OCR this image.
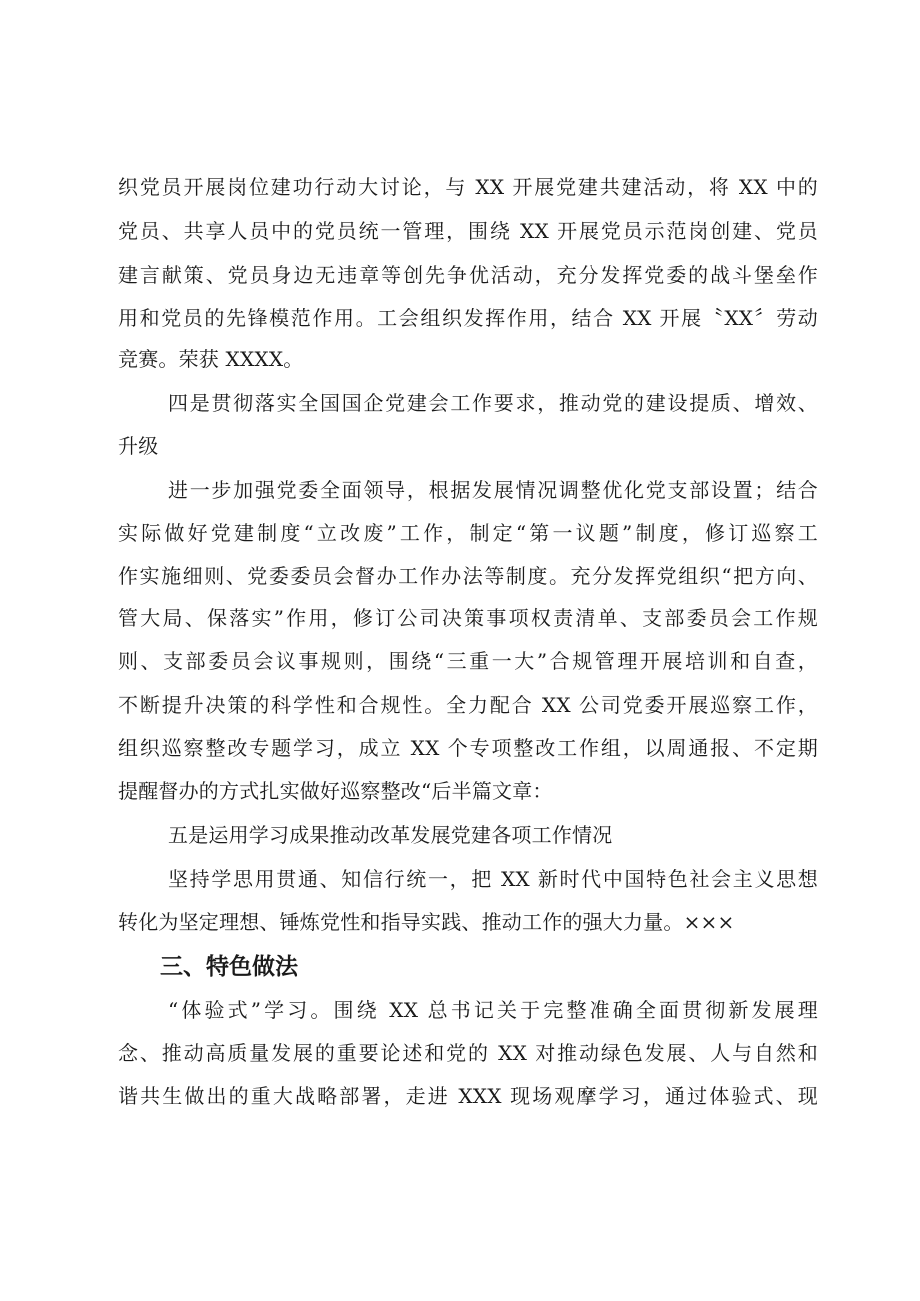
织党员开展岗位建功行动大讨论，与 XX 开展党建共建活动，将 XX 中的
党员、共享人员中的党员统一管理，围绕 XX 开展党员示范岗创建、党员
建言献策、党员身边无违章等创先争优活动，充分发挥党委的战斗堡垒作
用和党员的先锋模范作用。工会组织发挥作用，结合 XX 开展〝XX〞劳动
竞赛。荣获 XXXX。
四是贯彻落实全国国企党建会工作要求，推动党的建设提质、增效、
升级
进一步加强党委全面领导，根据发展情况调整优化党支部设置；结合
实际做好党建制度“立改废”工作，制定“第一议题”制度，修订巡察工
作实施细则、党委委员会督办工作办法等制度。充分发挥党组织“把方向、
管大局、保落实”作用，修订公司决策事项权责清单、支部委员会工作规
则、支部委员会议事规则，围绕“三重一大”合规管理开展培训和自查，
不断提升决策的科学性和合规性。全力配合 XX 公司党委开展巡察工作，
组织巡察整改专题学习，成立 XX 个专项整改工作组，以周通报、不定期
提醒督办的方式扎实做好巡察整改“后半篇文章：
五是运用学习成果推动改革发展党建各项工作情况
坚持学思用贯通、知信行统一，把 XX 新时代中国特色社会主义思想
转化为坚定理想、锤炼党性和指导实践、推动工作的强大力量。×××
三、特色做法
“体验式”学习。围绕 XX 总书记关于完整准确全面贯彻新发展理
念、推动高质量发展的重要论述和党的 XX 对推动绿色发展、人与自然和
谐共生做出的重大战略部署，走进 XXX 现场观摩学习，通过体验式、现
